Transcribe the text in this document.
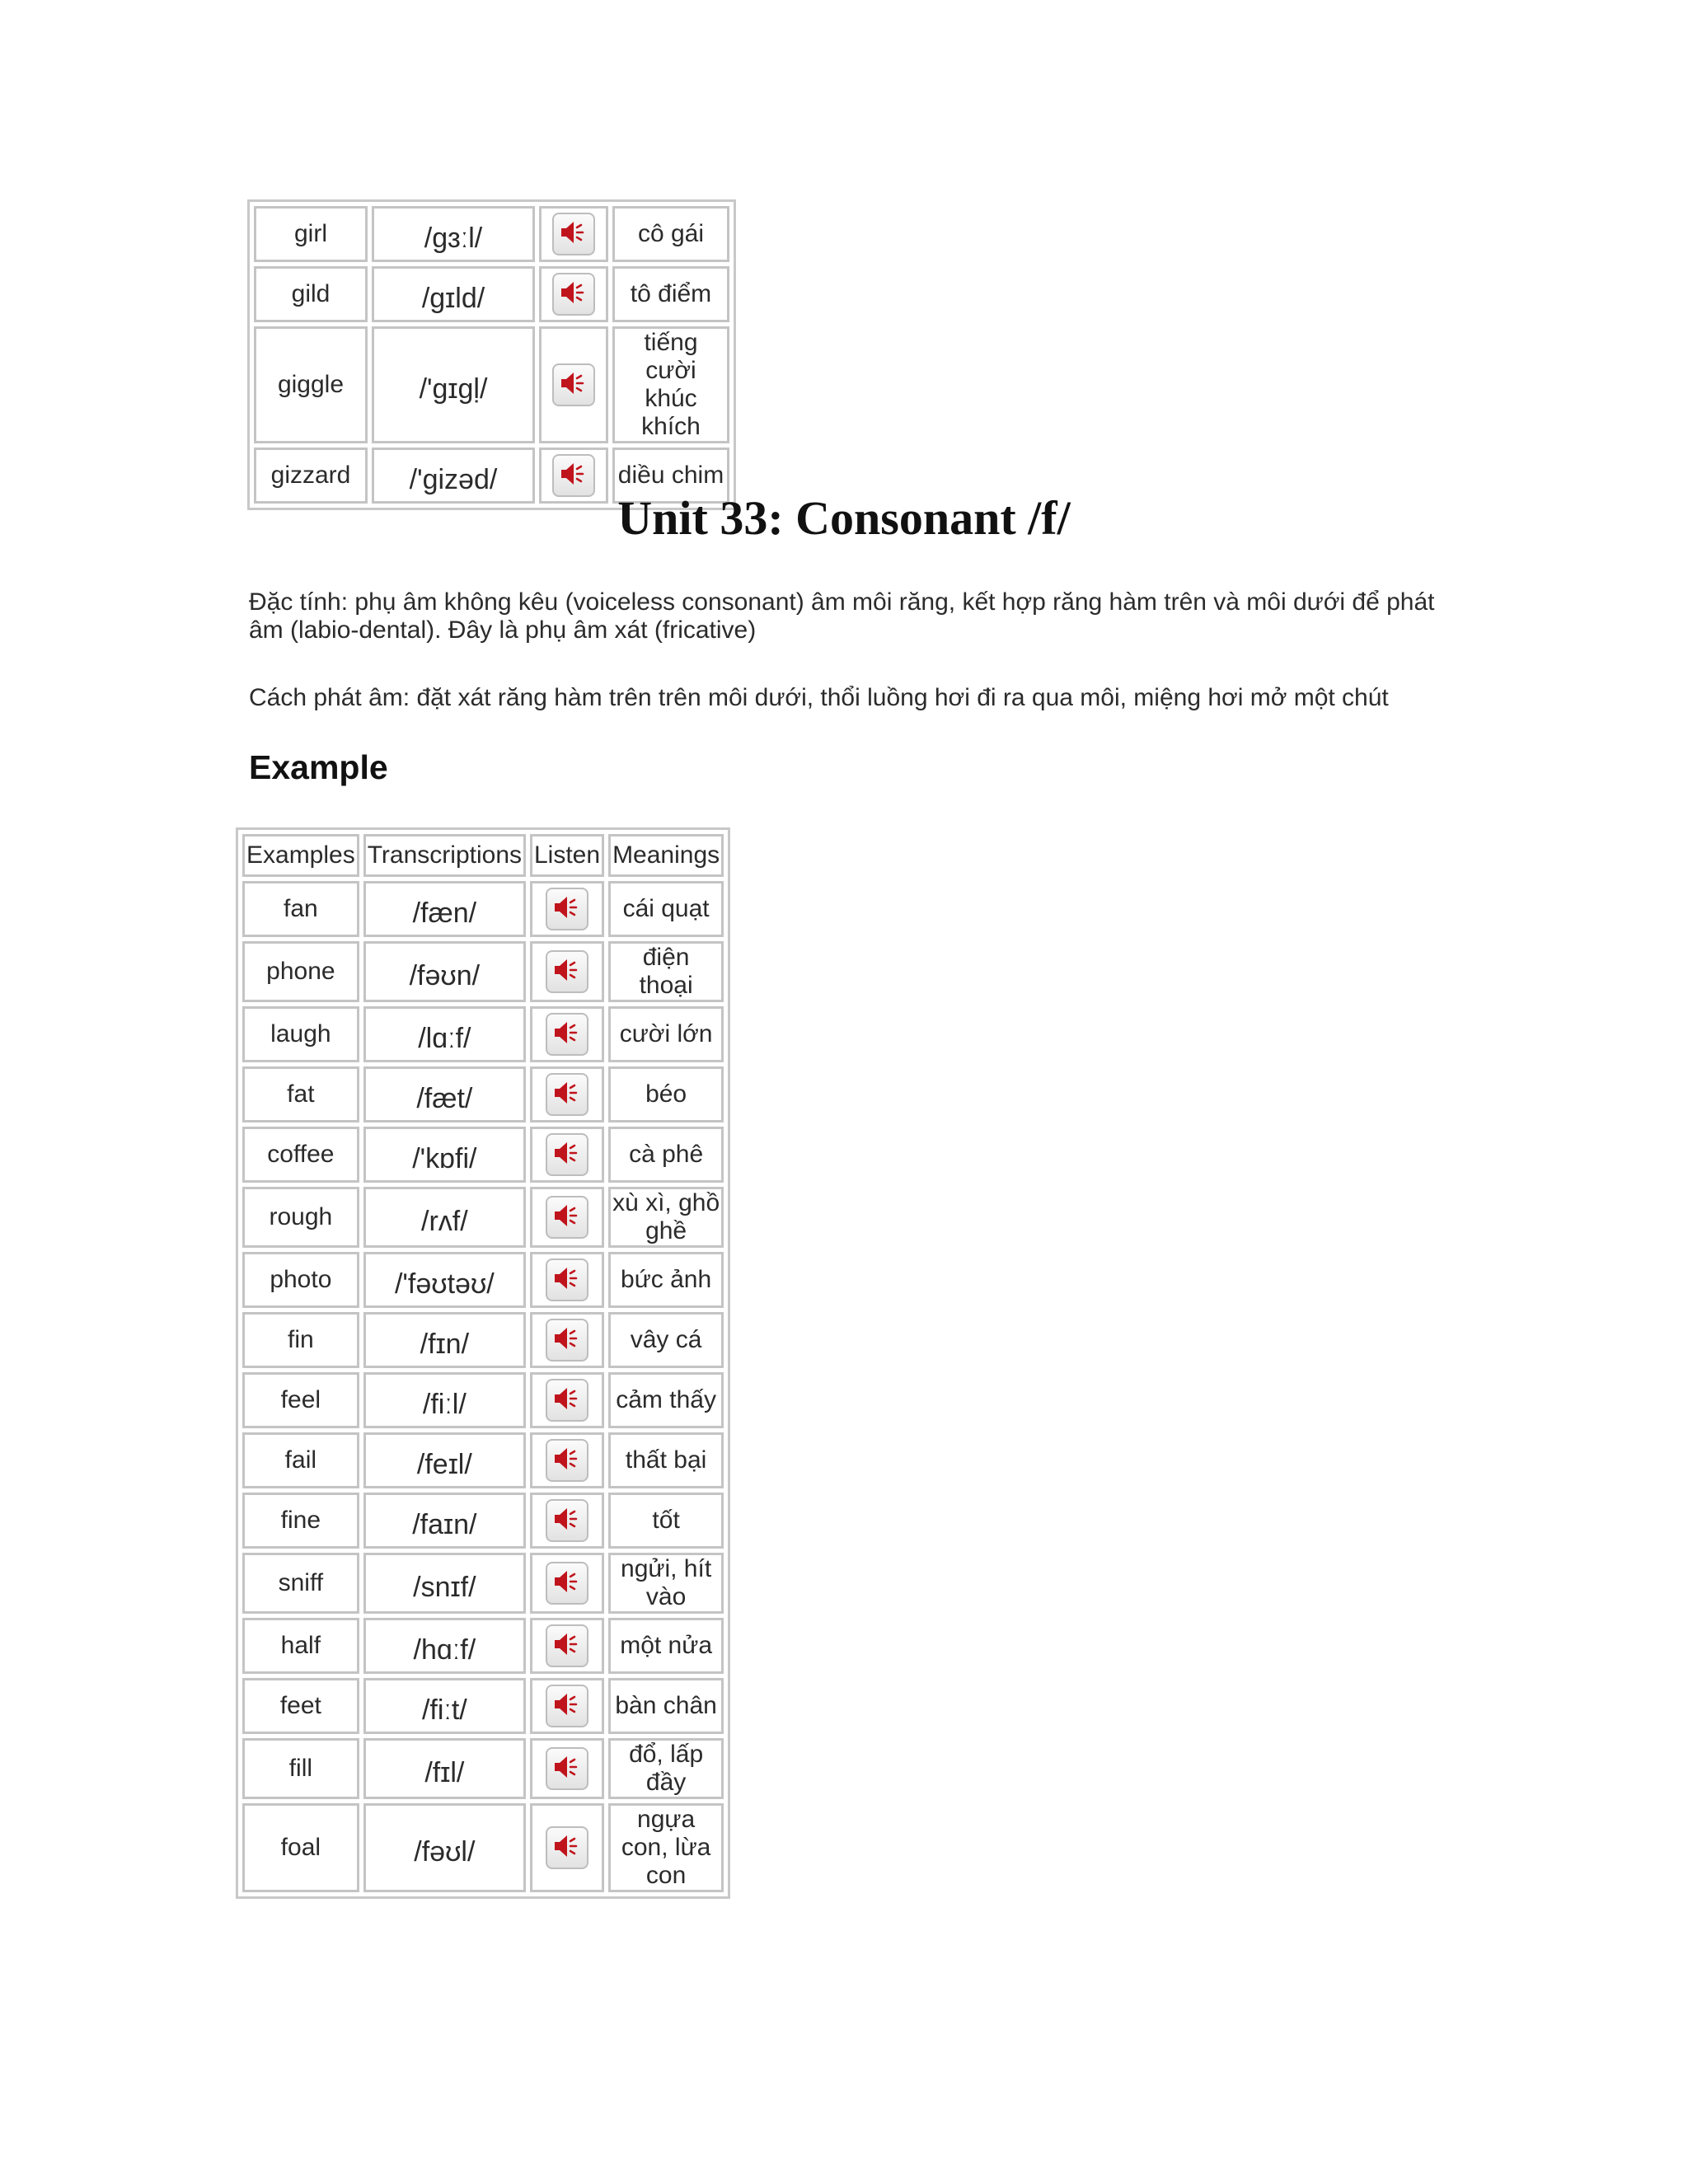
girl	/gɜːl/		cô gái
gild	/gɪld/		tô điểm
giggle	/'gɪgḷ/		tiếng cười khúc khích
gizzard	/'gizəd/		diều chim
Unit 33: Consonant /f/

Đặc tính: phụ âm không kêu (voiceless consonant) âm môi răng, kết hợp răng hàm trên và môi dưới để phát âm (labio-dental). Đây là phụ âm xát (fricative)

Cách phát âm: đặt xát răng hàm trên trên môi dưới, thổi luồng hơi đi ra qua môi, miệng hơi mở một chút

Example
Examples	Transcriptions	Listen	Meanings
fan	/fæn/		cái quạt
phone	/fəʊn/		điện thoại
laugh	/lɑːf/		cười lớn
fat	/fæt/		béo
coffee	/'kɒfi/		cà phê
rough	/rʌf/		xù xì, ghồ ghề
photo	/'fəʊtəʊ/		bức ảnh
fin	/fɪn/		vây cá
feel	/fiːl/		cảm thấy
fail	/feɪl/		thất bại
fine	/faɪn/		tốt
sniff	/snɪf/		ngửi, hít vào
half	/hɑːf/		một nửa
feet	/fiːt/		bàn chân
fill	/fɪl/		đổ, lấp đầy
foal	/fəʊl/		ngựa con, lừa con
